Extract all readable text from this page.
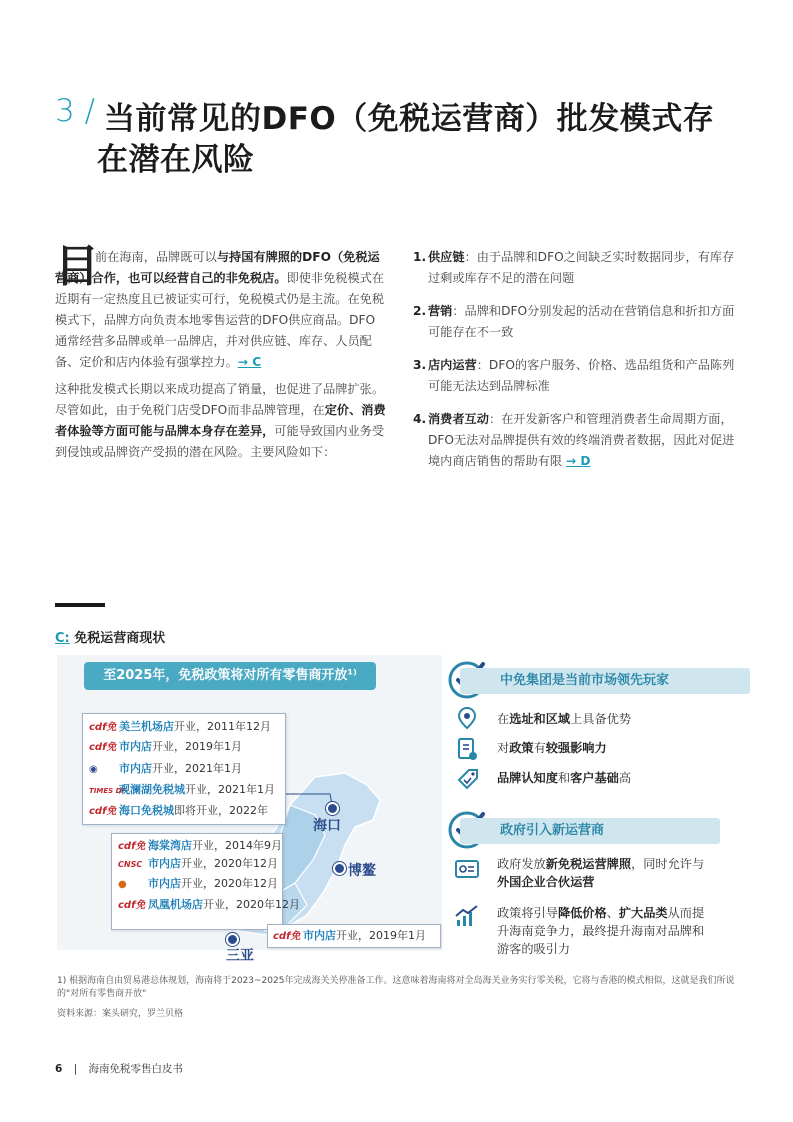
3 / 当前常见的DFO（免税运营商）批发模式存
在潜在风险
目
前在海南，品牌既可以与持国有牌照的DFO（免税运营商）合作，也可以经营自己的非免税店。即使非免税模式在近期有一定热度且已被证实可行，免税模式仍是主流。在免税模式下，品牌方向负责本地零售运营的DFO供应商品。DFO通常经营多品牌或单一品牌店，并对供应链、库存、人员配备、定价和店内体验有强掌控力。→ C
这种批发模式长期以来成功提高了销量，也促进了品牌扩张。尽管如此，由于免税门店受DFO而非品牌管理，在定价、消费者体验等方面可能与品牌本身存在差异，可能导致国内业务受到侵蚀或品牌资产受损的潜在风险。主要风险如下：
1. 供应链：由于品牌和DFO之间缺乏实时数据同步，有库存过剩或库存不足的潜在问题
2. 营销：品牌和DFO分别发起的活动在营销信息和折扣方面可能存在不一致
3. 店内运营：DFO的客户服务、价格、选品组货和产品陈列可能无法达到品牌标准
4. 消费者互动：在开发新客户和管理消费者生命周期方面，DFO无法对品牌提供有效的终端消费者数据，因此对促进境内商店销售的帮助有限 → D
C: 免税运营商现状
至2025年，免税政策将对所有零售商开放¹⁾
cdf免 美兰机场店开业，2011年12月
cdf免 市内店开业，2019年1月
◉ 市内店开业，2021年1月
TIMES DF观澜湖免税城开业，2021年1月
cdf免 海口免税城即将开业，2022年
cdf免 海棠湾店开业，2014年9月
CNSC 市内店开业，2020年12月
● 市内店开业，2020年12月
cdf免 凤凰机场店开业，2020年12月
cdf免 市内店开业，2019年1月
海口
博鳌
三亚
中免集团是当前市场领先玩家
在选址和区域上具备优势
对政策有较强影响力
品牌认知度和客户基础高
政府引入新运营商
政府发放新免税运营牌照，同时允许与外国企业合伙运营
政策将引导降低价格、扩大品类从而提升海南竞争力，最终提升海南对品牌和游客的吸引力
1) 根据海南自由贸易港总体规划，海南将于2023~2025年完成海关关停准备工作。这意味着海南将对全岛海关业务实行零关税，它将与香港的模式相似，这就是我们所说
的"对所有零售商开放"
资料来源：案头研究，罗兰贝格
6 | 海南免税零售白皮书
